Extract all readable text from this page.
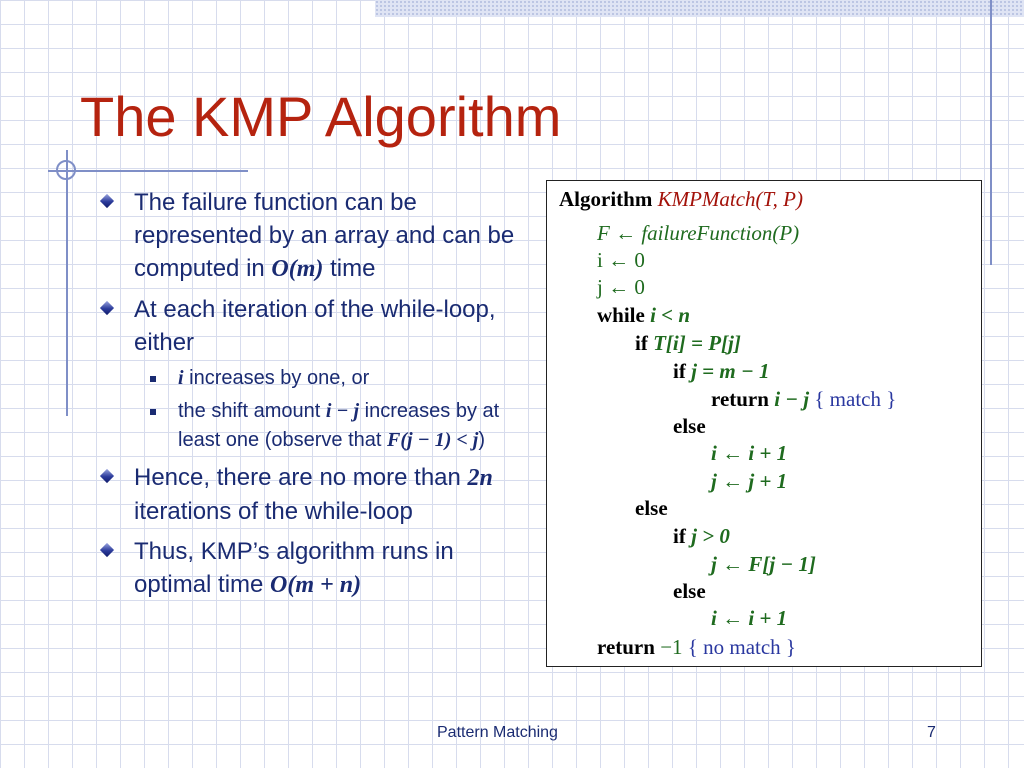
The KMP Algorithm
The failure function can be represented by an array and can be computed in O(m) time
At each iteration of the while-loop, either
i increases by one, or
the shift amount i − j increases by at least one (observe that F(j − 1) < j)
Hence, there are no more than 2n iterations of the while-loop
Thus, KMP’s algorithm runs in optimal time O(m + n)
Algorithm KMPMatch(T, P)
F ← failureFunction(P)
i ← 0
j ← 0
while i < n
if T[i] = P[j]
if j = m − 1
return i − j { match }
else
i ← i + 1
j ← j + 1
else
if j > 0
j ← F[j − 1]
else
i ← i + 1
return −1 { no match }
Pattern Matching	7
